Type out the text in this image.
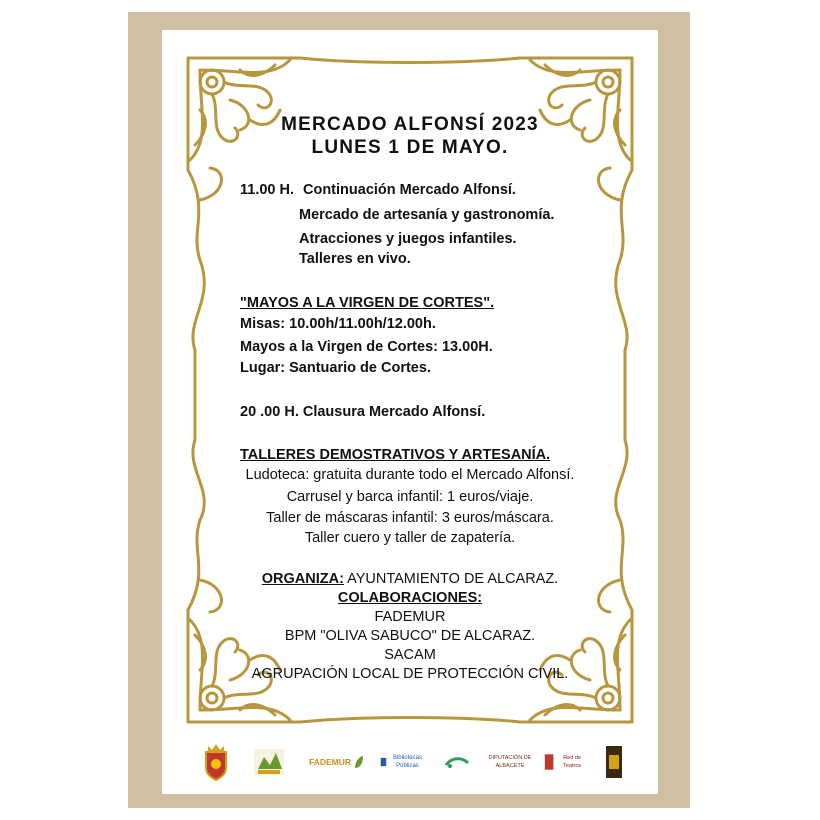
MERCADO ALFONSÍ 2023
LUNES 1 DE MAYO.
11.00 H. Continuación Mercado Alfonsí.
Mercado de artesanía y gastronomía.
Atracciones y juegos infantiles.
Talleres en vivo.
"MAYOS A LA VIRGEN DE CORTES".
Misas: 10.00h/11.00h/12.00h.
Mayos a la Virgen de Cortes: 13.00H.
Lugar: Santuario de Cortes.
20 .00 H. Clausura Mercado Alfonsí.
TALLERES DEMOSTRATIVOS Y ARTESANÍA.
Ludoteca: gratuita durante todo el Mercado Alfonsí.
Carrusel y barca infantil: 1 euros/viaje.
Taller de máscaras infantil: 3 euros/máscara.
Taller cuero y taller de zapatería.
ORGANIZA: AYUNTAMIENTO DE ALCARAZ.
COLABORACIONES:
FADEMUR
BPM "OLIVA SABUCO" DE ALCARAZ.
SACAM
AGRUPACIÓN LOCAL DE PROTECCIÓN CIVIL.
FADEMUR	Bibliotecas Públicas
DIPUTACIÓN DE ALBACETE
Red de Teatros
